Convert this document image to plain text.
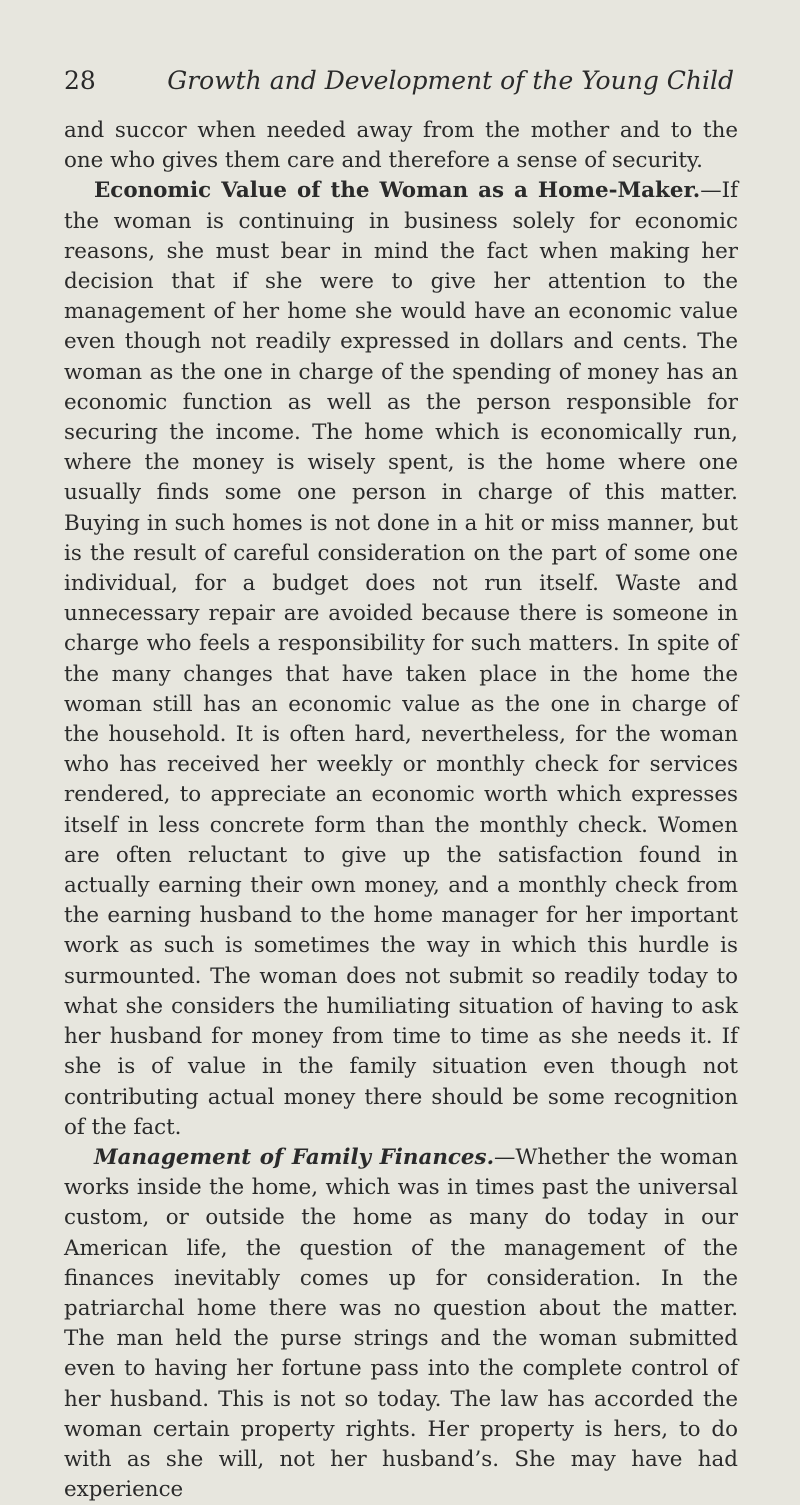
28	Growth and Development of the Young Child

and succor when needed away from the mother and to the one who gives them care and therefore a sense of security.

Economic Value of the Woman as a Home-Maker.—If the woman is continuing in business solely for economic reasons, she must bear in mind the fact when making her decision that if she were to give her attention to the management of her home she would have an economic value even though not readily expressed in dollars and cents. The woman as the one in charge of the spending of money has an economic function as well as the person responsible for securing the income. The home which is economically run, where the money is wisely spent, is the home where one usually finds some one person in charge of this matter. Buying in such homes is not done in a hit or miss manner, but is the result of careful consideration on the part of some one individual, for a budget does not run itself. Waste and unnecessary repair are avoided because there is someone in charge who feels a responsibility for such matters. In spite of the many changes that have taken place in the home the woman still has an economic value as the one in charge of the household. It is often hard, nevertheless, for the woman who has received her weekly or monthly check for services rendered, to appreciate an economic worth which expresses itself in less concrete form than the monthly check. Women are often reluctant to give up the satisfaction found in actually earning their own money, and a monthly check from the earning husband to the home manager for her important work as such is sometimes the way in which this hurdle is surmounted. The woman does not submit so readily today to what she considers the humiliating situation of having to ask her husband for money from time to time as she needs it. If she is of value in the family situation even though not contributing actual money there should be some recognition of the fact.

Management of Family Finances.—Whether the woman works inside the home, which was in times past the universal custom, or outside the home as many do today in our American life, the question of the management of the finances inevitably comes up for consideration. In the patriarchal home there was no question about the matter. The man held the purse strings and the woman submitted even to having her fortune pass into the complete control of her husband. This is not so today. The law has accorded the woman certain property rights. Her property is hers, to do with as she will, not her husband’s. She may have had experience
